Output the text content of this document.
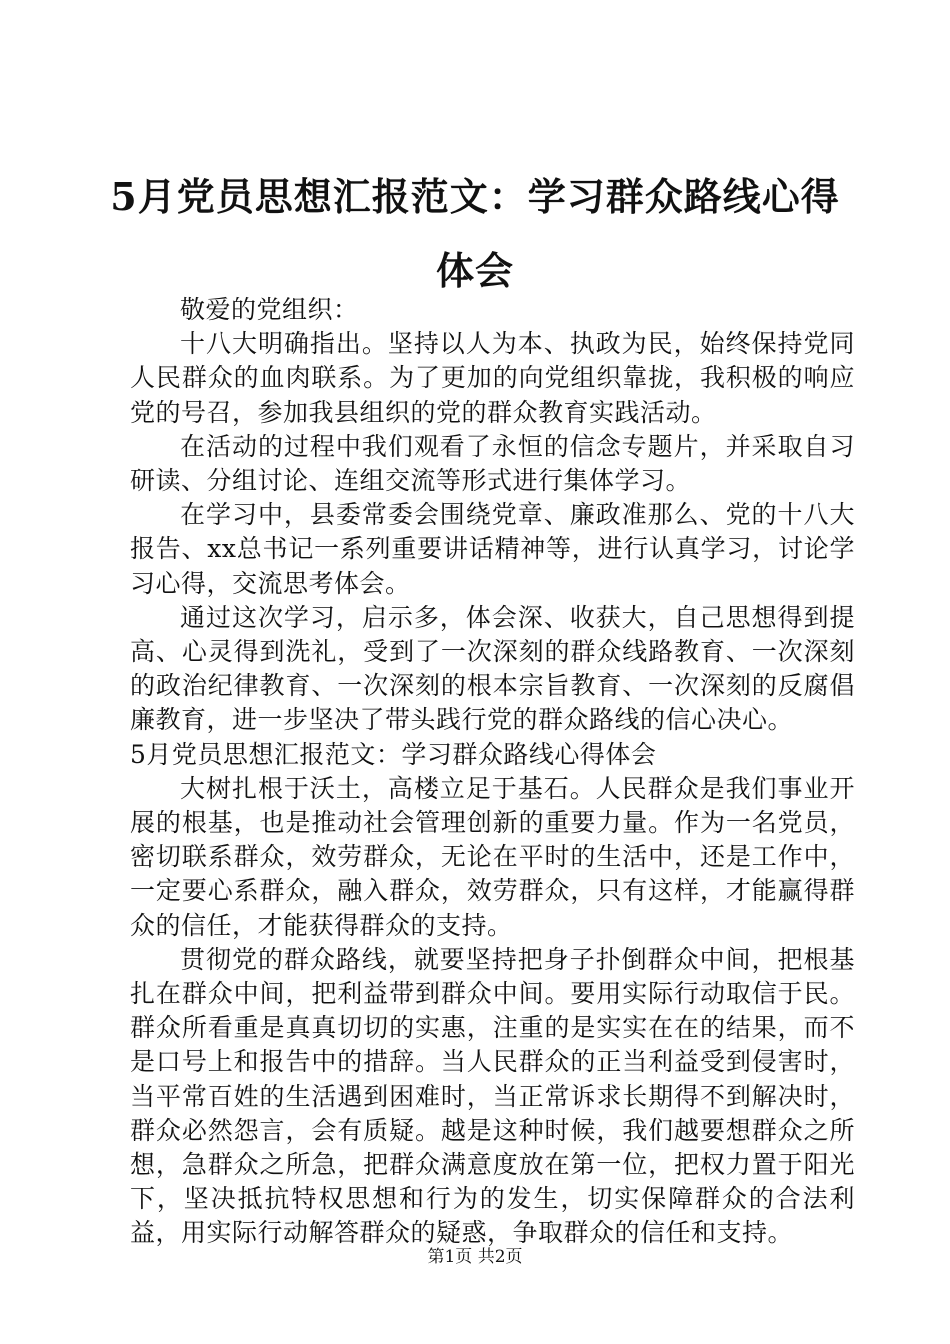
5月党员思想汇报范文：学习群众路线心得体会

敬爱的党组织：

十八大明确指出。坚持以人为本、执政为民，始终保持党同人民群众的血肉联系。为了更加的向党组织靠拢，我积极的响应党的号召，参加我县组织的党的群众教育实践活动。

在活动的过程中我们观看了永恒的信念专题片，并采取自习研读、分组讨论、连组交流等形式进行集体学习。

在学习中，县委常委会围绕党章、廉政准那么、党的十八大报告、xx总书记一系列重要讲话精神等，进行认真学习，讨论学习心得，交流思考体会。

通过这次学习，启示多，体会深、收获大，自己思想得到提高、心灵得到洗礼，受到了一次深刻的群众线路教育、一次深刻的政治纪律教育、一次深刻的根本宗旨教育、一次深刻的反腐倡廉教育，进一步坚决了带头践行党的群众路线的信心决心。

5月党员思想汇报范文：学习群众路线心得体会

大树扎根于沃土，高楼立足于基石。人民群众是我们事业开展的根基，也是推动社会管理创新的重要力量。作为一名党员，密切联系群众，效劳群众，无论在平时的生活中，还是工作中，一定要心系群众，融入群众，效劳群众，只有这样，才能赢得群众的信任，才能获得群众的支持。

贯彻党的群众路线，就要坚持把身子扑倒群众中间，把根基扎在群众中间，把利益带到群众中间。要用实际行动取信于民。群众所看重是真真切切的实惠，注重的是实实在在的结果，而不是口号上和报告中的措辞。当人民群众的正当利益受到侵害时，当平常百姓的生活遇到困难时，当正常诉求长期得不到解决时，群众必然怨言，会有质疑。越是这种时候，我们越要想群众之所想，急群众之所急，把群众满意度放在第一位，把权力置于阳光下，坚决抵抗特权思想和行为的发生，切实保障群众的合法利益，用实际行动解答群众的疑惑，争取群众的信任和支持。

第1页 共2页
